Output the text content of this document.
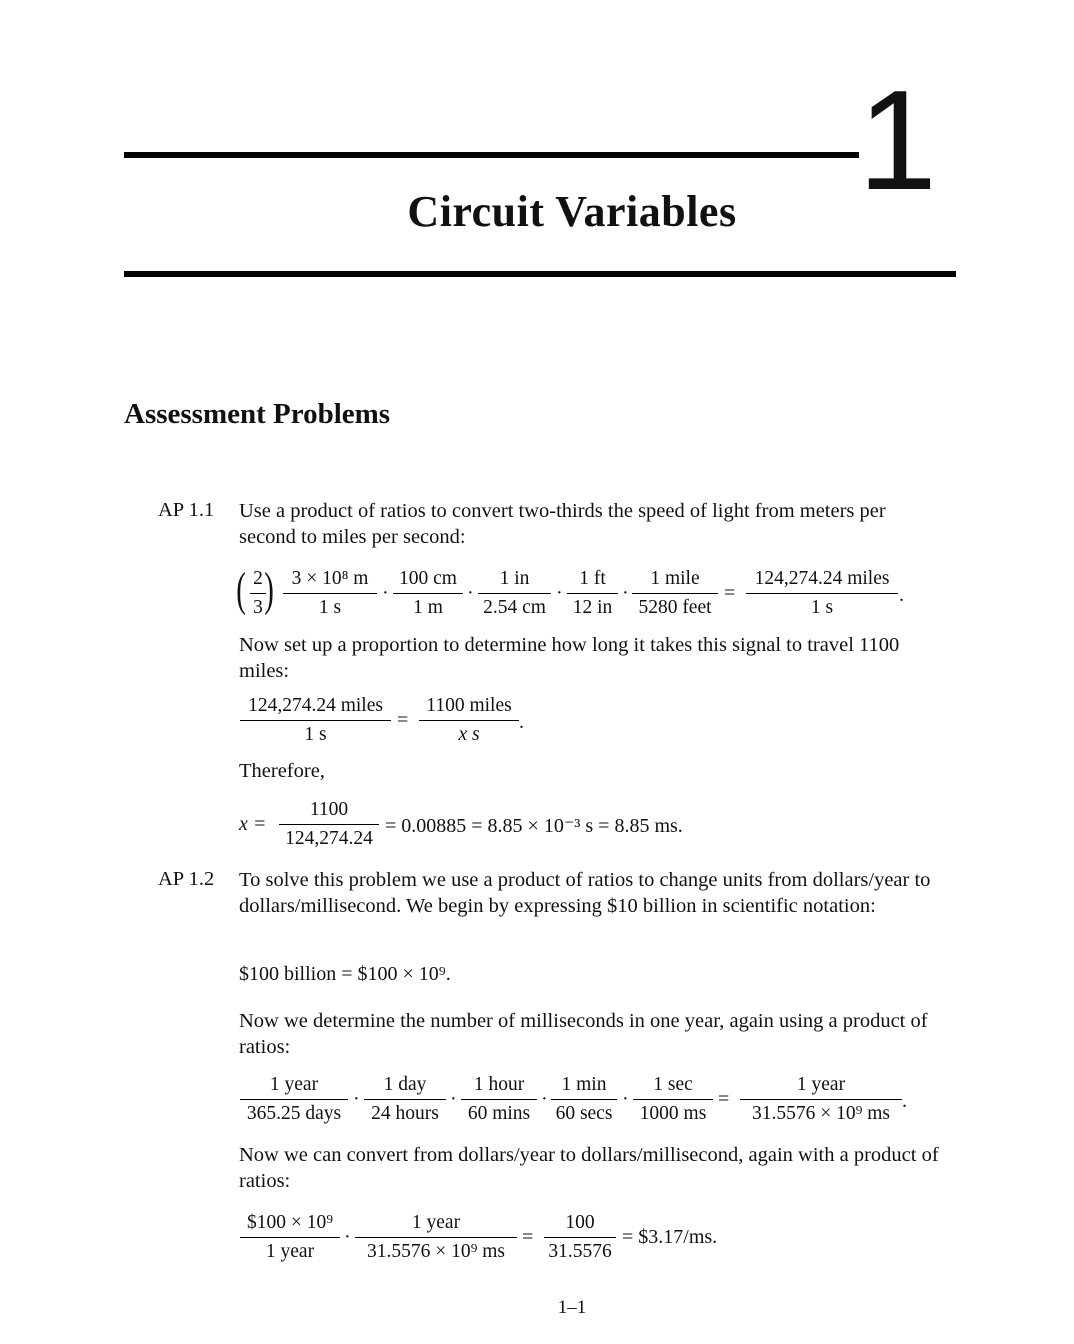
1
Circuit Variables
Assessment Problems
AP 1.1 Use a product of ratios to convert two-thirds the speed of light from meters per second to miles per second:
( 2
3 ) 3 × 10⁸ m
1 s
·
100 cm
1 m
·
1 in
2.54 cm
·
1 ft
12 in
·
1 mile
5280 feet
=
124,274.24 miles
1 s
.
Now set up a proportion to determine how long it takes this signal to travel 1100 miles:
124,274.24 miles
1 s
=
1100 miles
x s
.
Therefore,
x =
1100
124,274.24
= 0.00885 = 8.85 × 10⁻³ s = 8.85 ms.
AP 1.2 To solve this problem we use a product of ratios to change units from dollars/year to dollars/millisecond. We begin by expressing $10 billion in scientific notation:
$100 billion = $100 × 10⁹.
Now we determine the number of milliseconds in one year, again using a product of ratios:
1 year
365.25 days
·
1 day
24 hours
·
1 hour
60 mins
·
1 min
60 secs
·
1 sec
1000 ms
=
1 year
31.5576 × 10⁹ ms
.
Now we can convert from dollars/year to dollars/millisecond, again with a product of ratios:
$100 × 10⁹
1 year
·
1 year
31.5576 × 10⁹ ms
=
100
31.5576
= $3.17/ms.
1–1
